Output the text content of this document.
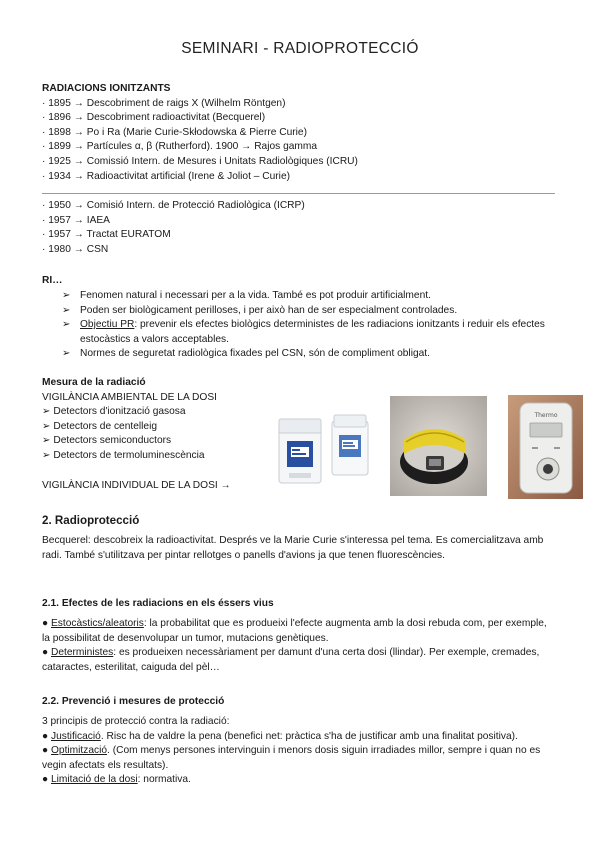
SEMINARI - RADIOPROTECCIÓ
RADIACIONS IONITZANTS
· 1895 → Descobriment de raigs X (Wilhelm Röntgen)
· 1896 → Descobriment radioactivitat (Becquerel)
· 1898 → Po i Ra (Marie Curie-Skłodowska & Pierre Curie)
· 1899 → Partícules α, β (Rutherford). 1900 → Rajos gamma
· 1925 → Comissió Intern. de Mesures i Unitats Radiològiques (ICRU)
· 1934 → Radioactivitat artificial (Irene & Joliot – Curie)
· 1950 → Comisió Intern. de Protecció Radiològica (ICRP)
· 1957 → IAEA
· 1957 → Tractat EURATOM
· 1980 → CSN
RI…
➢ Fenomen natural i necessari per a la vida. També es pot produir artificialment.
➢ Poden ser biològicament perilloses, i per això han de ser especialment controlades.
➢ Objectiu PR: prevenir els efectes biològics deterministes de les radiacions ionitzants i reduir els efectes estocàstics a valors acceptables.
➢ Normes de seguretat radiològica fixades pel CSN, són de compliment obligat.
Mesura de la radiació
VIGILÀNCIA AMBIENTAL DE LA DOSI
➢ Detectors d'ionització gasosa
➢ Detectors de centelleig
➢ Detectors semiconductors
➢ Detectors de termoluminescència
VIGILÀNCIA INDIVIDUAL DE LA DOSI →
Thermo
2. Radioprotecció
Becquerel: descobreix la radioactivitat. Després ve la Marie Curie s'interessa pel tema. Es comercialitzava amb radi. També s'utilitzava per pintar rellotges o panells d'avions ja que tenen fluorescències.
2.1. Efectes de les radiacions en els éssers vius
● Estocàstics/aleatoris: la probabilitat que es produeixi l'efecte augmenta amb la dosi rebuda com, per exemple, la possibilitat de desenvolupar un tumor, mutacions genètiques.
● Deterministes: es produeixen necessàriament per damunt d'una certa dosi (llindar). Per exemple, cremades, cataractes, esterilitat, caiguda del pèl…
2.2. Prevenció i mesures de protecció
3 principis de protecció contra la radiació:
● Justificació. Risc ha de valdre la pena (benefici net: pràctica s'ha de justificar amb una finalitat positiva).
● Optimització. (Com menys persones intervinguin i menors dosis siguin irradiades millor, sempre i quan no es vegin afectats els resultats).
● Limitació de la dosi: normativa.
